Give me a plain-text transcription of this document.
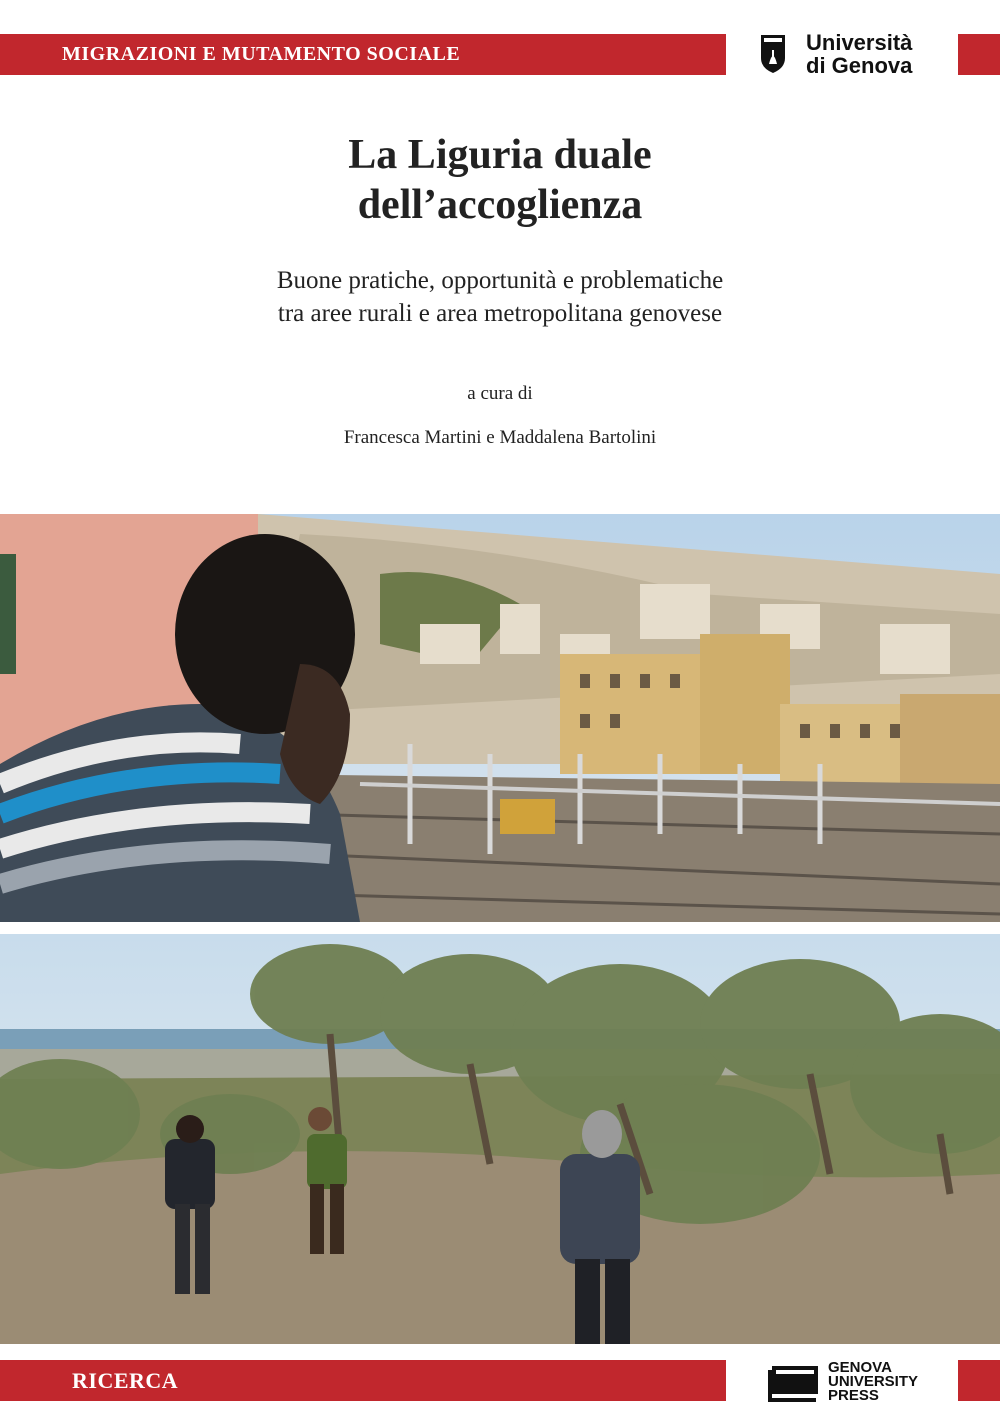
MIGRAZIONI E MUTAMENTO SOCIALE	Università
di Genova
La Liguria duale
dell’accoglienza
Buone pratiche, opportunità e problematiche
tra aree rurali e area metropolitana genovese
a cura di
Francesca Martini e Maddalena Bartolini
RICERCA
GENOVA
UNIVERSITY
PRESS
